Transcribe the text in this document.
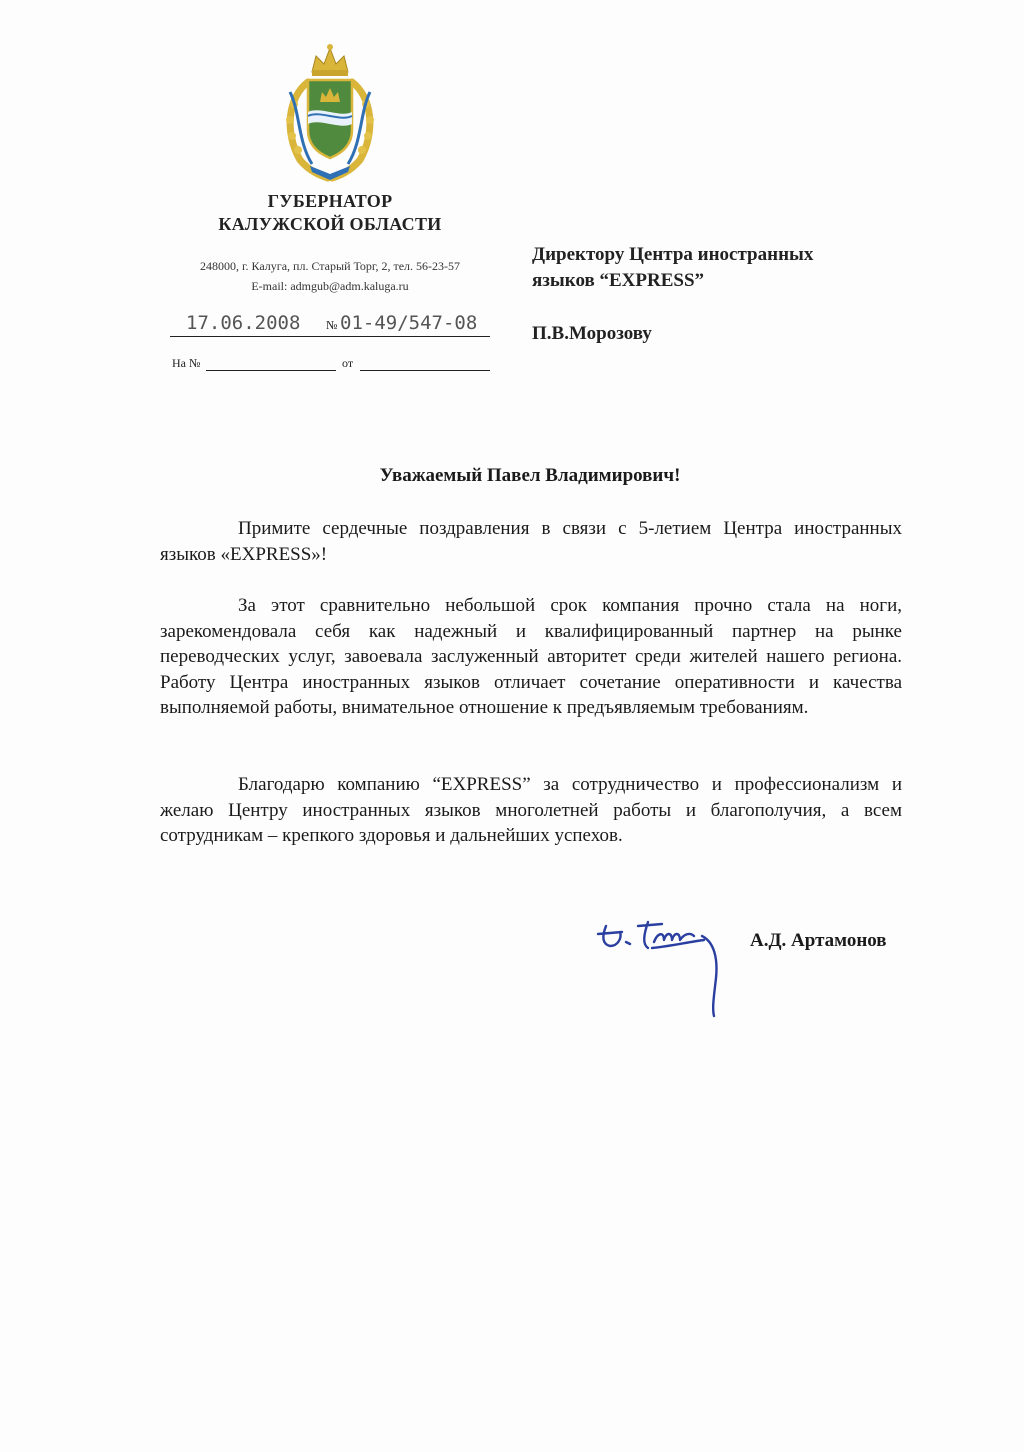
ГУБЕРНАТОР
КАЛУЖСКОЙ ОБЛАСТИ
248000, г. Калуга, пл. Старый Торг, 2, тел. 56-23-57
E-mail: admgub@adm.kaluga.ru
17.06.2008 № 01-49/547-08
На №	от
Директору Центра иностранных
языков “EXPRESS”
П.В.Морозову
Уважаемый Павел Владимирович!
Примите сердечные поздравления в связи с 5-летием Центра иностранных языков «EXPRESS»!
За этот сравнительно небольшой срок компания прочно стала на ноги, зарекомендовала себя как надежный и квалифицированный партнер на рынке переводческих услуг, завоевала заслуженный авторитет среди жителей нашего региона. Работу Центра иностранных языков отличает сочетание оперативности и качества выполняемой работы, внимательное отношение к предъявляемым требованиям.
Благодарю компанию “EXPRESS” за сотрудничество и профессионализм и желаю Центру иностранных языков многолетней работы и благополучия, а всем сотрудникам – крепкого здоровья и дальнейших успехов.
А.Д. Артамонов
